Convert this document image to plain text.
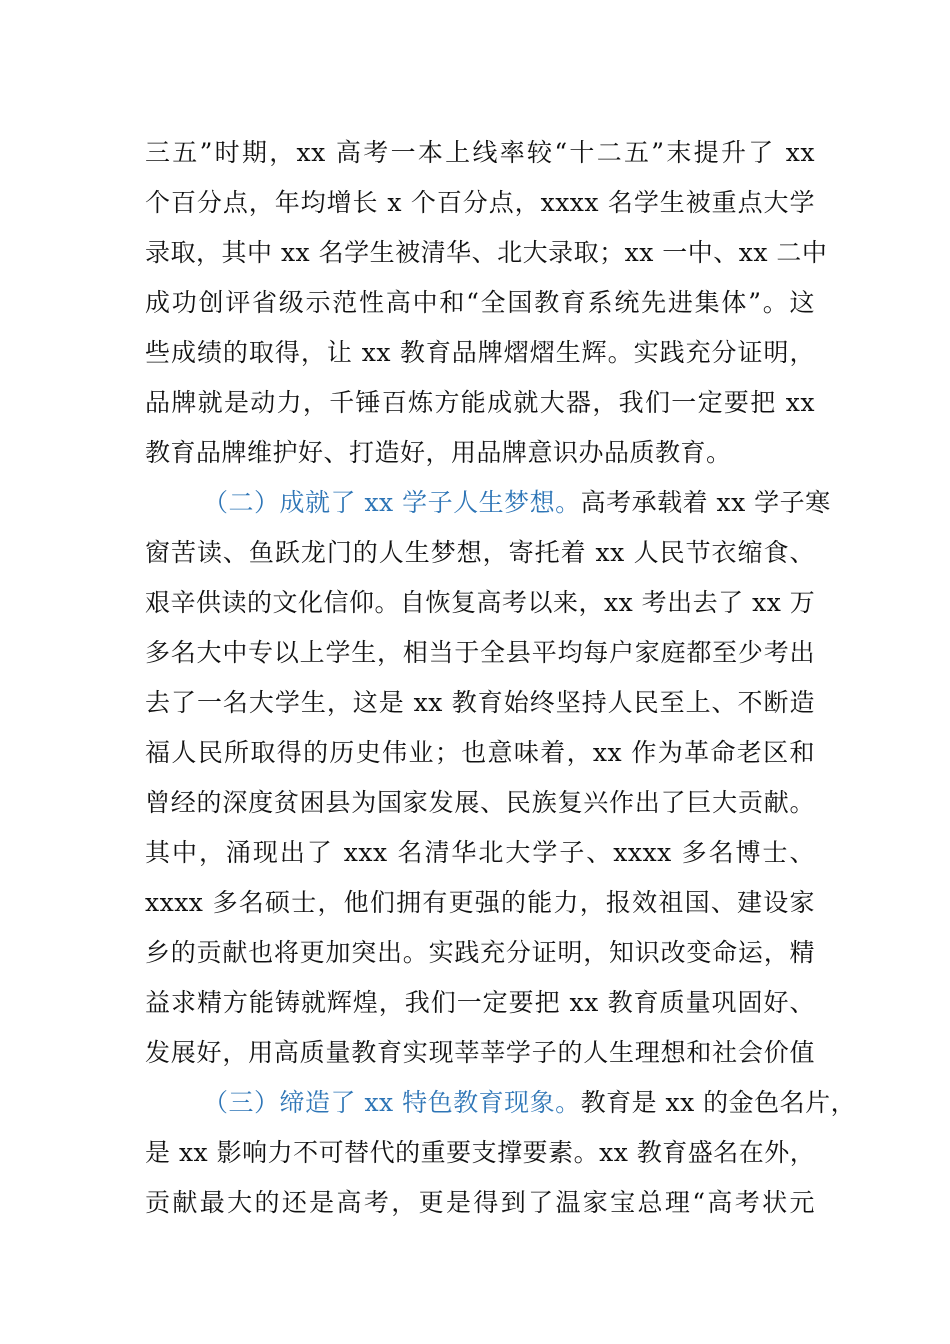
三五”时期，xx 高考一本上线率较“十二五”末提升了 xx
个百分点，年均增长 x 个百分点，xxxx 名学生被重点大学
录取，其中 xx 名学生被清华、北大录取；xx 一中、xx 二中
成功创评省级示范性高中和“全国教育系统先进集体”。这
些成绩的取得，让 xx 教育品牌熠熠生辉。实践充分证明，
品牌就是动力，千锤百炼方能成就大器，我们一定要把 xx
教育品牌维护好、打造好，用品牌意识办品质教育。
（二）成就了 xx 学子人生梦想。高考承载着 xx 学子寒
窗苦读、鱼跃龙门的人生梦想，寄托着 xx 人民节衣缩食、
艰辛供读的文化信仰。自恢复高考以来，xx 考出去了 xx 万
多名大中专以上学生，相当于全县平均每户家庭都至少考出
去了一名大学生，这是 xx 教育始终坚持人民至上、不断造
福人民所取得的历史伟业；也意味着，xx 作为革命老区和
曾经的深度贫困县为国家发展、民族复兴作出了巨大贡献。
其中，涌现出了 xxx 名清华北大学子、xxxx 多名博士、
xxxx 多名硕士，他们拥有更强的能力，报效祖国、建设家
乡的贡献也将更加突出。实践充分证明，知识改变命运，精
益求精方能铸就辉煌，我们一定要把 xx 教育质量巩固好、
发展好，用高质量教育实现莘莘学子的人生理想和社会价值
（三）缔造了 xx 特色教育现象。教育是 xx 的金色名片，
是 xx 影响力不可替代的重要支撑要素。xx 教育盛名在外，
贡献最大的还是高考，更是得到了温家宝总理“高考状元
